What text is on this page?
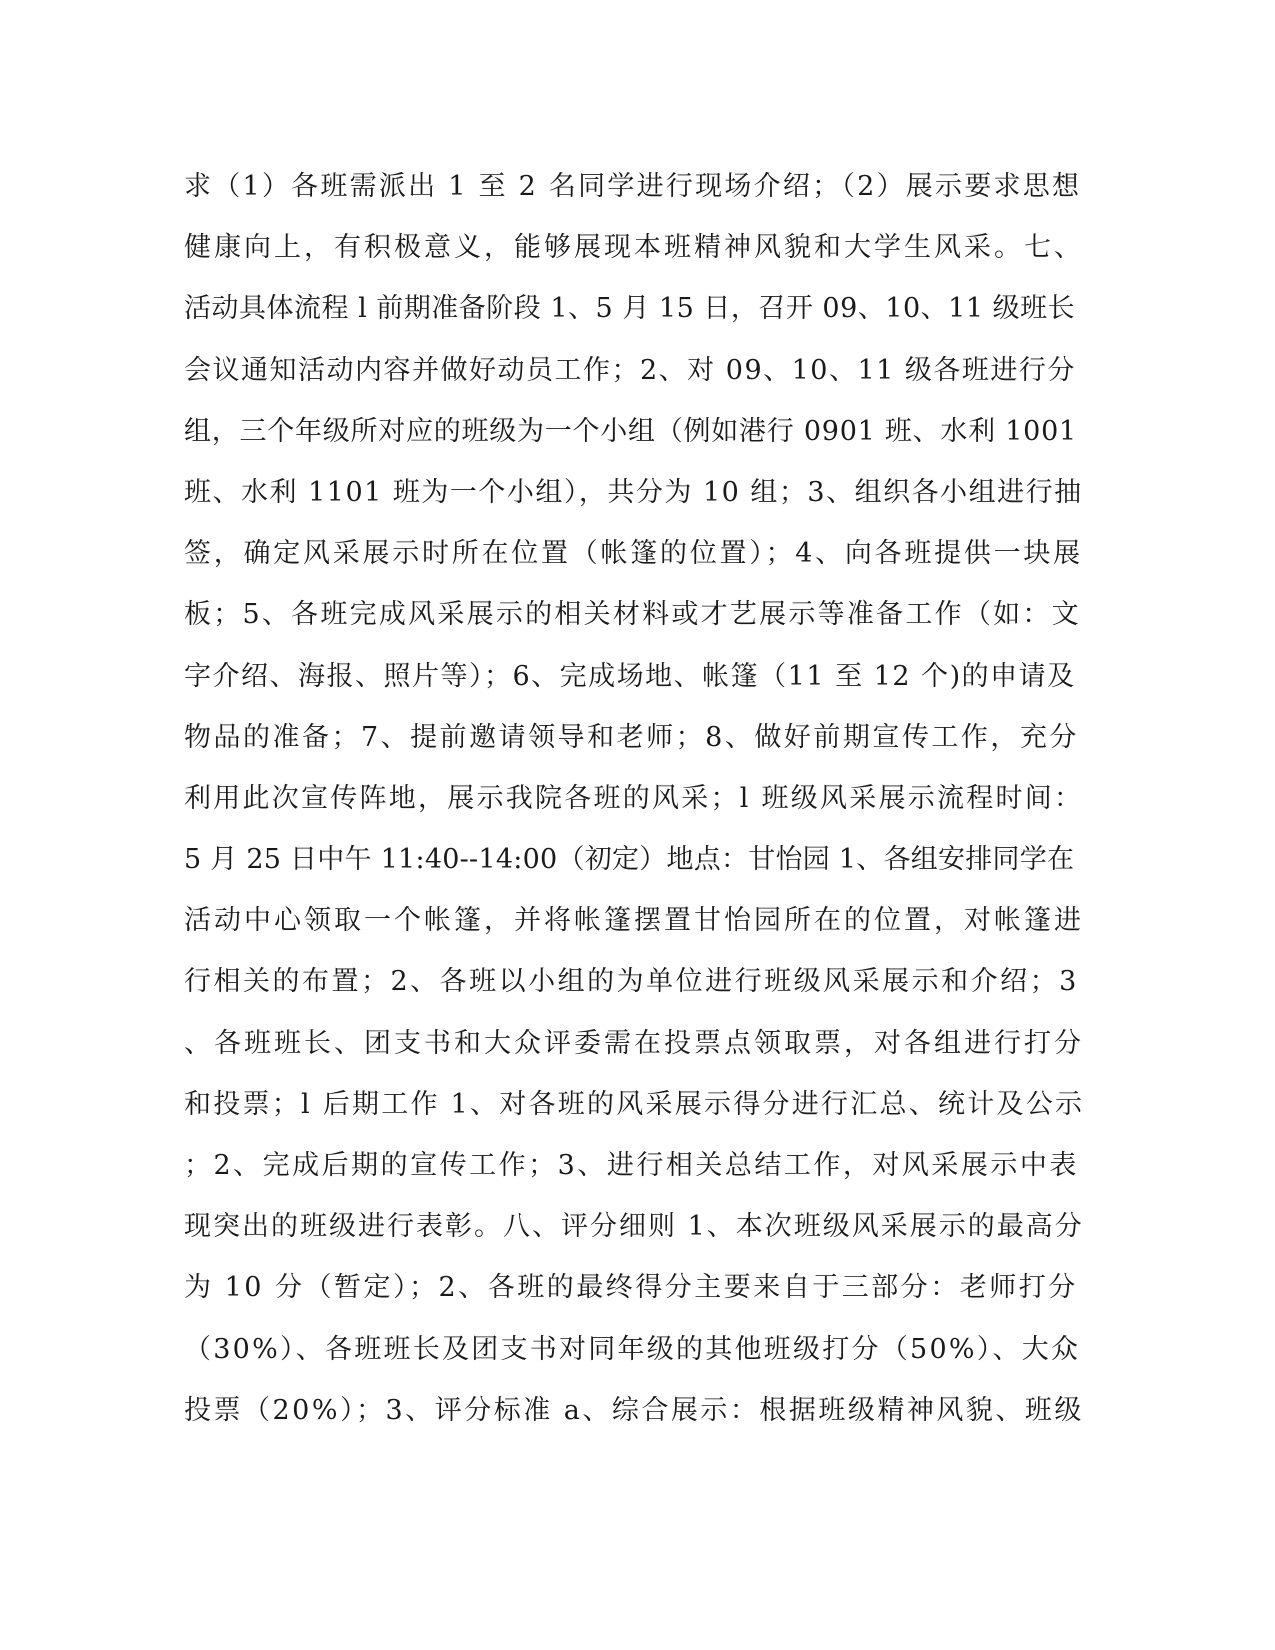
求（1）各班需派出 1 至 2 名同学进行现场介绍；（2）展示要求思想
健康向上，有积极意义，能够展现本班精神风貌和大学生风采。七、
活动具体流程 l 前期准备阶段 1、5 月 15 日，召开 09、10、11 级班长
会议通知活动内容并做好动员工作；2、对 09、10、11 级各班进行分
组，三个年级所对应的班级为一个小组（例如港行 0901 班、水利 1001
班、水利 1101 班为一个小组），共分为 10 组；3、组织各小组进行抽
签，确定风采展示时所在位置（帐篷的位置）；4、向各班提供一块展
板；5、各班完成风采展示的相关材料或才艺展示等准备工作（如：文
字介绍、海报、照片等）；6、完成场地、帐篷（11 至 12 个)的申请及
物品的准备；7、提前邀请领导和老师；8、做好前期宣传工作，充分
利用此次宣传阵地，展示我院各班的风采；l 班级风采展示流程时间：
5 月 25 日中午 11:40--14:00（初定）地点：甘怡园 1、各组安排同学在
活动中心领取一个帐篷，并将帐篷摆置甘怡园所在的位置，对帐篷进
行相关的布置；2、各班以小组的为单位进行班级风采展示和介绍；3
、各班班长、团支书和大众评委需在投票点领取票，对各组进行打分
和投票；l 后期工作 1、对各班的风采展示得分进行汇总、统计及公示
；2、完成后期的宣传工作；3、进行相关总结工作，对风采展示中表
现突出的班级进行表彰。八、评分细则 1、本次班级风采展示的最高分
为 10 分（暂定）；2、各班的最终得分主要来自于三部分：老师打分
（30%）、各班班长及团支书对同年级的其他班级打分（50%）、大众
投票（20%）；3、评分标准 a、综合展示：根据班级精神风貌、班级
